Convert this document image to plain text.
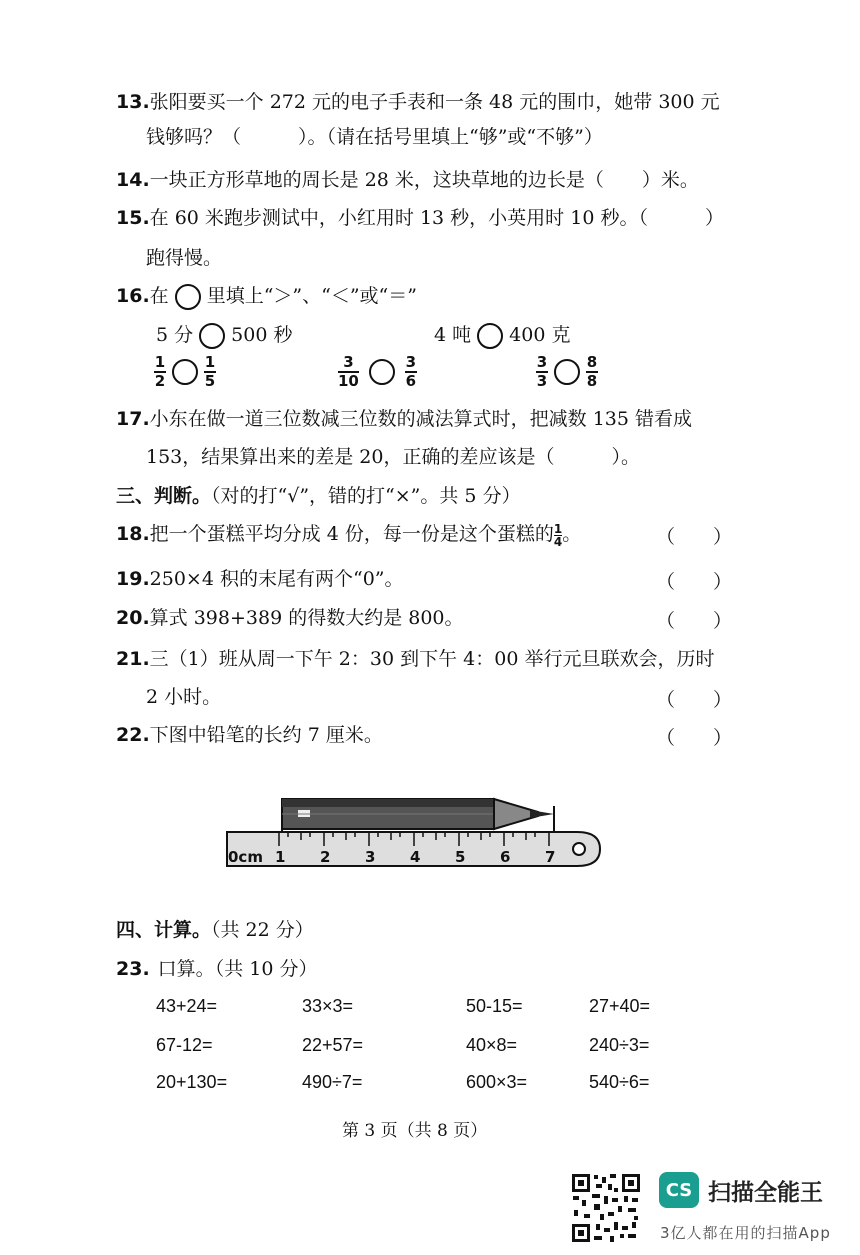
13.张阳要买一个 272 元的电子手表和一条 48 元的围巾，她带 300 元
钱够吗？（　　　）。（请在括号里填上“够”或“不够”）
14.一块正方形草地的周长是 28 米，这块草地的边长是（　　）米。
15.在 60 米跑步测试中，小红用时 13 秒，小英用时 10 秒。（　　　）
跑得慢。
16.在 里填上“＞”、“＜”或“＝”
5 分 500 秒	4 吨 400 克
$\frac{1}{2}$	$\frac{1}{5}$	$\frac{3}{10}$	$\frac{3}{6}$	$\frac{3}{3}$	$\frac{8}{8}$
17.小东在做一道三位数减三位数的减法算式时，把减数 135 错看成
153，结果算出来的差是 20，正确的差应该是（　　　）。
三、判断。（对的打“√”，错的打“×”。共 5 分）
18.把一个蛋糕平均分成 4 份，每一份是这个蛋糕的 $\frac{1}{4}$ 。	（　　）
19.250×4 积的末尾有两个“0”。	（　　）
20.算式 398+389 的得数大约是 800。	（　　）
21.三（1）班从周一下午 2：30 到下午 4：00 举行元旦联欢会，历时
2 小时。	（　　）
22.下图中铅笔的长约 7 厘米。	（　　）
0cm 1 2 3 4 5 6 7
四、计算。（共 22 分）
23. 口算。（共 10 分）
43+24=	33×3=	50-15=	27+40=
67-12=	22+57=	40×8=	240÷3=
20+130=	490÷7=	600×3=	540÷6=
第 3 页（共 8 页）
CS 扫描全能王
3亿人都在用的扫描App
